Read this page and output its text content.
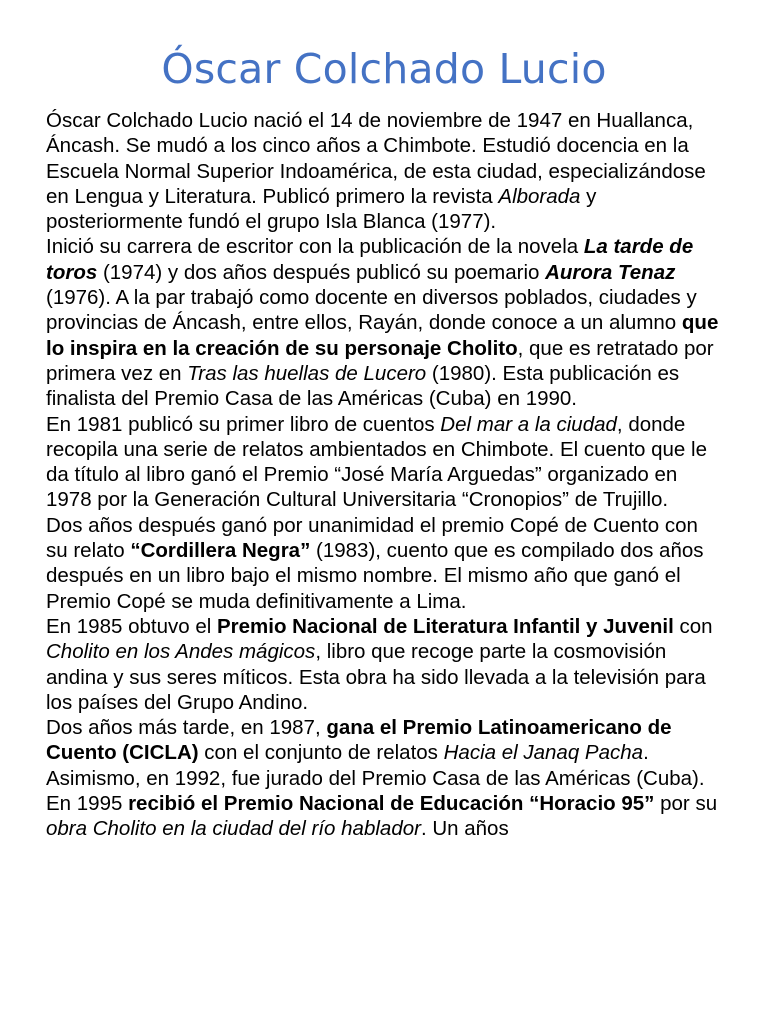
Óscar Colchado Lucio

Óscar Colchado Lucio nació el 14 de noviembre de 1947 en Huallanca, Áncash. Se mudó a los cinco años a Chimbote. Estudió docencia en la Escuela Normal Superior Indoamérica, de esta ciudad, especializándose en Lengua y Literatura. Publicó primero la revista Alborada y posteriormente fundó el grupo Isla Blanca (1977).

Inició su carrera de escritor con la publicación de la novela La tarde de toros (1974) y dos años después publicó su poemario Aurora Tenaz (1976). A la par trabajó como docente en diversos poblados, ciudades y provincias de Áncash, entre ellos, Rayán, donde conoce a un alumno que lo inspira en la creación de su personaje Cholito, que es retratado por primera vez en Tras las huellas de Lucero (1980). Esta publicación es finalista del Premio Casa de las Américas (Cuba) en 1990.

En 1981 publicó su primer libro de cuentos Del mar a la ciudad, donde recopila una serie de relatos ambientados en Chimbote. El cuento que le da título al libro ganó el Premio “José María Arguedas” organizado en 1978 por la Generación Cultural Universitaria “Cronopios” de Trujillo.

Dos años después ganó por unanimidad el premio Copé de Cuento con su relato “Cordillera Negra” (1983), cuento que es compilado dos años después en un libro bajo el mismo nombre. El mismo año que ganó el Premio Copé se muda definitivamente a Lima.

En 1985 obtuvo el Premio Nacional de Literatura Infantil y Juvenil con Cholito en los Andes mágicos, libro que recoge parte la cosmovisión andina y sus seres míticos. Esta obra ha sido llevada a la televisión para los países del Grupo Andino.

Dos años más tarde, en 1987, gana el Premio Latinoamericano de Cuento (CICLA) con el conjunto de relatos Hacia el Janaq Pacha. Asimismo, en 1992, fue jurado del Premio Casa de las Américas (Cuba).

En 1995 recibió el Premio Nacional de Educación “Horacio 95” por su obra Cholito en la ciudad del río hablador. Un años
